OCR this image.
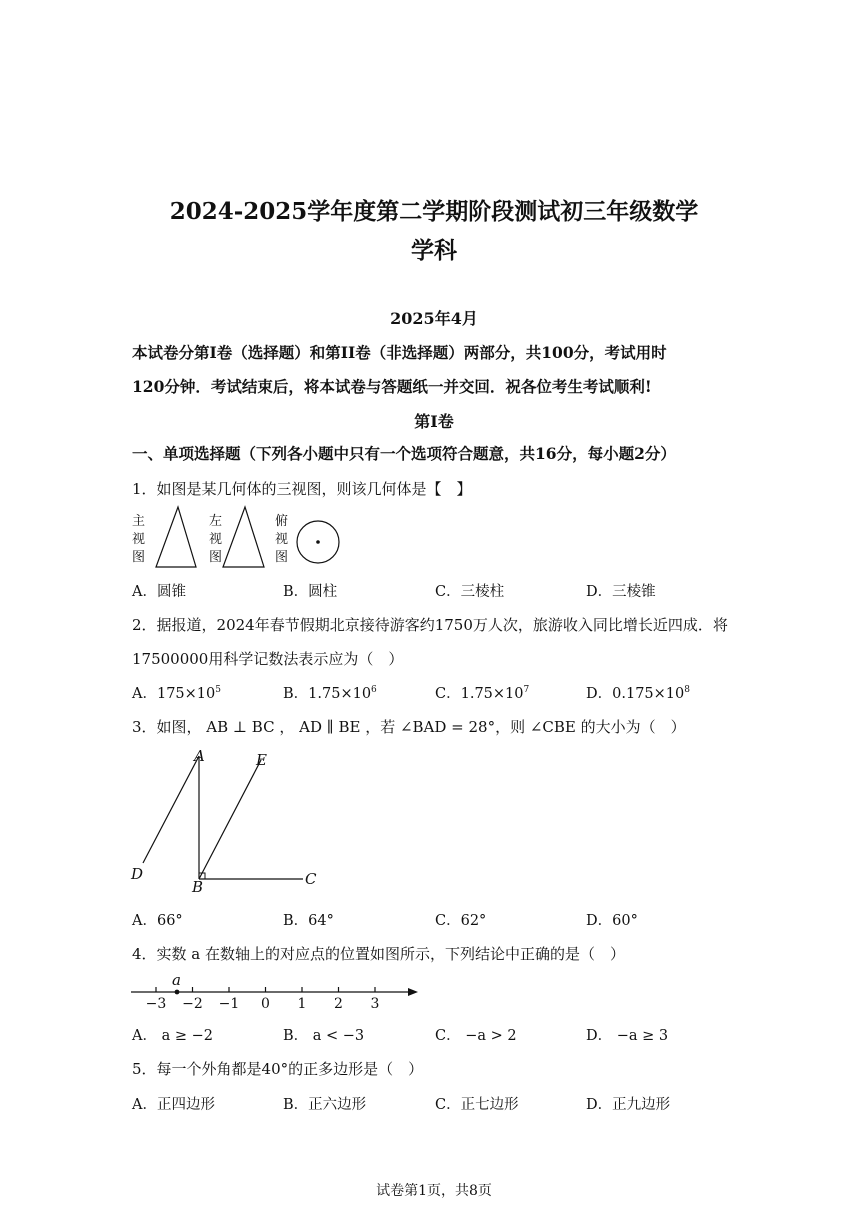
2024-2025学年度第二学期阶段测试初三年级数学
学科
2025年4月
本试卷分第I卷（选择题）和第II卷（非选择题）两部分，共100分，考试用时
120分钟．考试结束后，将本试卷与答题纸一并交回．祝各位考生考试顺利!
第I卷
一、单项选择题（下列各小题中只有一个选项符合题意，共16分，每小题2分）
1．如图是某几何体的三视图，则该几何体是【　】
主
视
图
左
视
图
俯
视
图
A．圆锥	B．圆柱	C．三棱柱	D．三棱锥
2．据报道，2024年春节假期北京接待游客约1750万人次，旅游收入同比增长近四成．将
17500000用科学记数法表示应为（　）
A．$175\times 10^5$	B．$1.75\times 10^6$	C．$1.75\times 10^7$	D．$0.175\times 10^8$
3．如图， AB ⊥ BC ， AD ∥ BE ，若 ∠BAD = 28°，则 ∠CBE 的大小为（　）
A	E
D
B	C
A．66°	B．64°	C．62°	D．60°
4．实数 a 在数轴上的对应点的位置如图所示，下列结论中正确的是（　）
−3 −2 −1 0 1 2 3
a
A． a ≥ −2	B． a < −3	C． −a > 2	D． −a ≥ 3
5．每一个外角都是40°的正多边形是（　）
A．正四边形	B．正六边形	C．正七边形	D．正九边形
试卷第1页，共8页
